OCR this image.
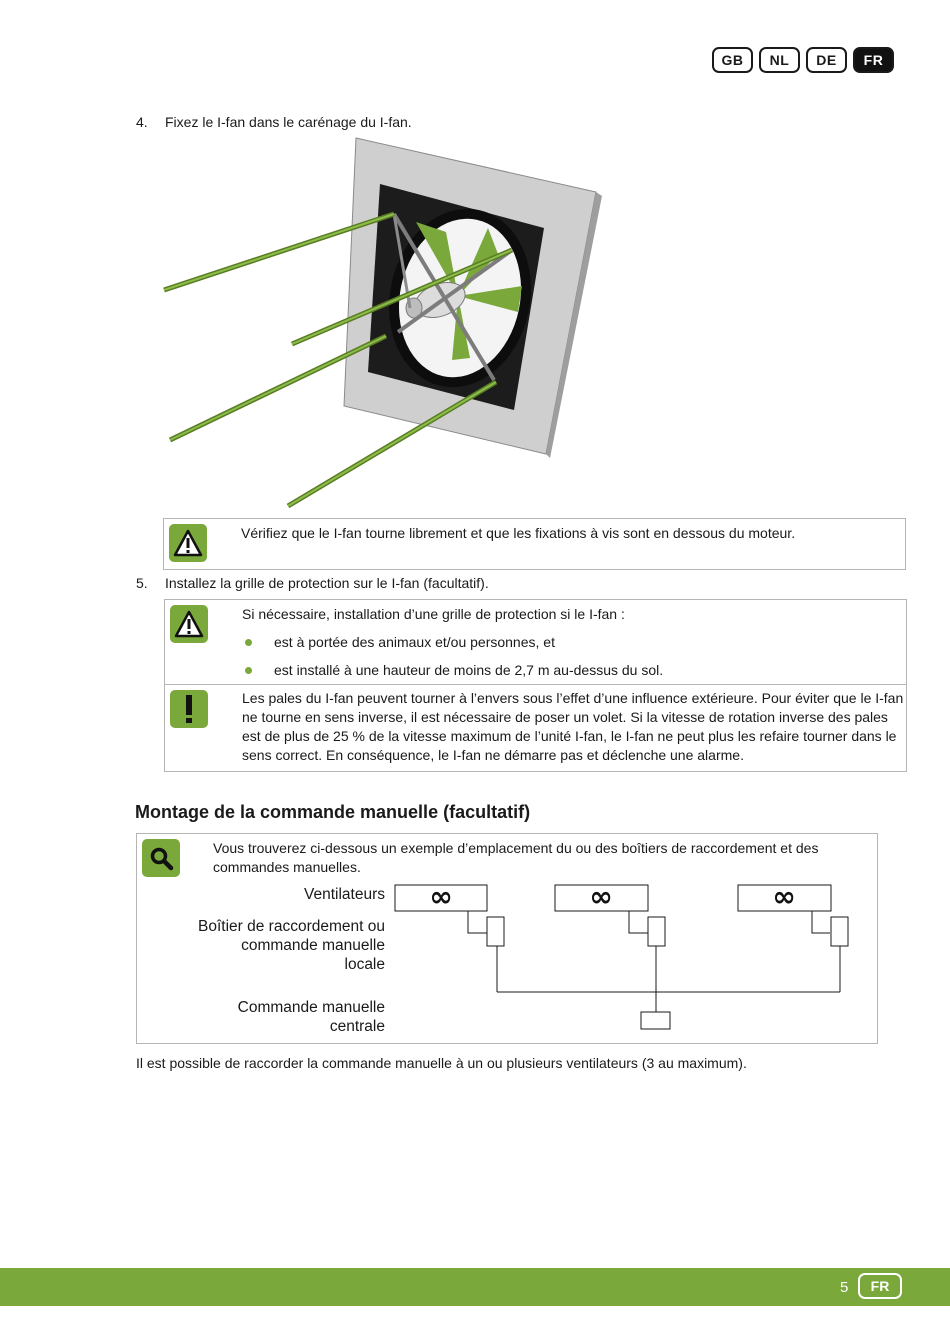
GB	NL	DE	FR
4. Fixez le I-fan dans le carénage du I-fan.
Vérifiez que le I-fan tourne librement et que les fixations à vis sont en dessous du moteur.
5. Installez la grille de protection sur le I-fan (facultatif).
Si nécessaire, installation d’une grille de protection si le I-fan :
est à portée des animaux et/ou personnes, et
est installé à une hauteur de moins de 2,7 m au-dessus du sol.
Les pales du I-fan peuvent tourner à l’envers sous l’effet d’une influence extérieure. Pour éviter que le I-fan ne tourne en sens inverse, il est nécessaire de poser un volet. Si la vitesse de rotation inverse des pales est de plus de 25 % de la vitesse maximum de l’unité I-fan, le I-fan ne peut plus les refaire tourner dans le sens correct. En conséquence, le I-fan ne démarre pas et déclenche une alarme.
Montage de la commande manuelle (facultatif)
Vous trouverez ci-dessous un exemple d’emplacement du ou des boîtiers de raccordement et des commandes manuelles.
Ventilateurs
Boîtier de raccordement ou commande manuelle locale
Commande manuelle centrale
∞	∞	∞
Il est possible de raccorder la commande manuelle à un ou plusieurs ventilateurs (3 au maximum).
5	FR
